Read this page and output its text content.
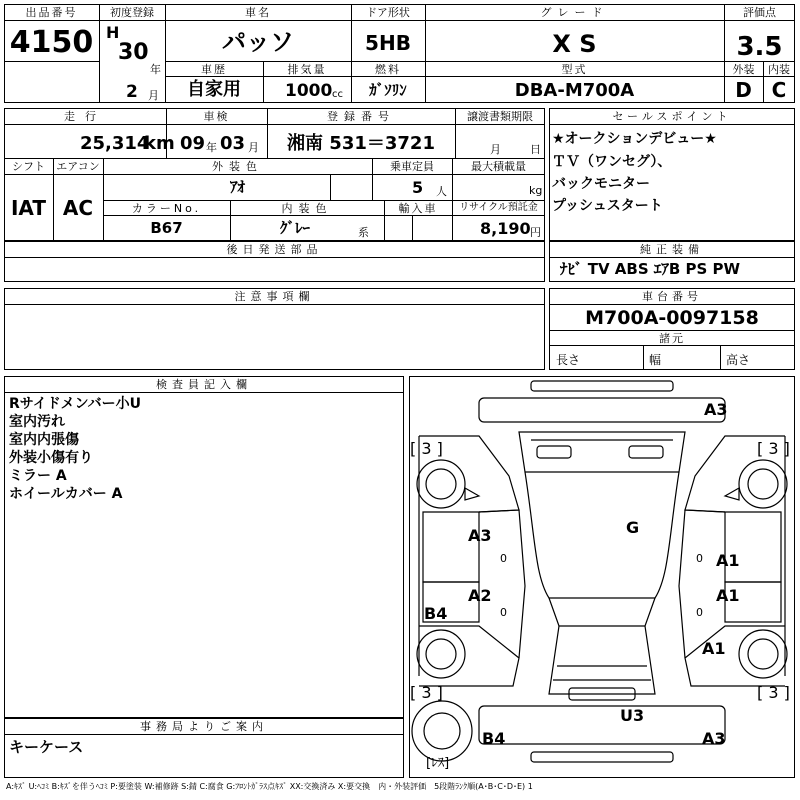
出品番号
4150
初度登録
H
30
年
2 月
車名
パッソ
ドア形状
5HB
グレード
X S
評価点
3.5
車歴
自家用
排気量
1000 cc
燃料
ｶﾞｿﾘﾝ
型式
DBA-M700A
外装	内装
D C
走行
25,314
km
車検
09 年 03 月
登録番号
湘南 531＝3721
譲渡書類期限
月	日
シフト
IAT
エアコン
AC
外装色
ｱｵ
乗車定員
5 人
最大積載量
kg
カラーNo.
B67
内装色
ｸﾞﾚｰ	系
輸入車	リサイクル預託金
8,190 円
後日発送部品
セールスポイント
★オークションデビュー★
ＴＶ（ワンセグ）、
バックモニター
プッシュスタート
純正装備
ﾅﾋﾞ TV ABS ｴｱB PS PW
注意事項欄	車台番号
M700A-0097158
諸元
長さ	幅	高さ
検査員記入欄
Rサイドメンバー小U
室内汚れ
室内内張傷
外装小傷有り
ミラー A
ホイールカバー A
事務局よりご案内
キーケース
A3
A3
A2
B4
G
A1
A1
A1
U3
B4	A3
[ 3 ]	[ 3 ]
[ 3 ]	[ 3 ]
[ﾚｽ]
0
0
0
0
A:ｷｽﾞ U:ﾍｺﾐ B:ｷｽﾞを伴うﾍｺﾐ P:要塗装 W:補修跡 S:錆 C:腐食 G:ﾌﾛﾝﾄｶﾞﾗｽ点ｷｽﾞ XX:交換済み X:要交換　内・外装評価　5段階ﾗﾝｸ順(A･B･C･D･E) 1
